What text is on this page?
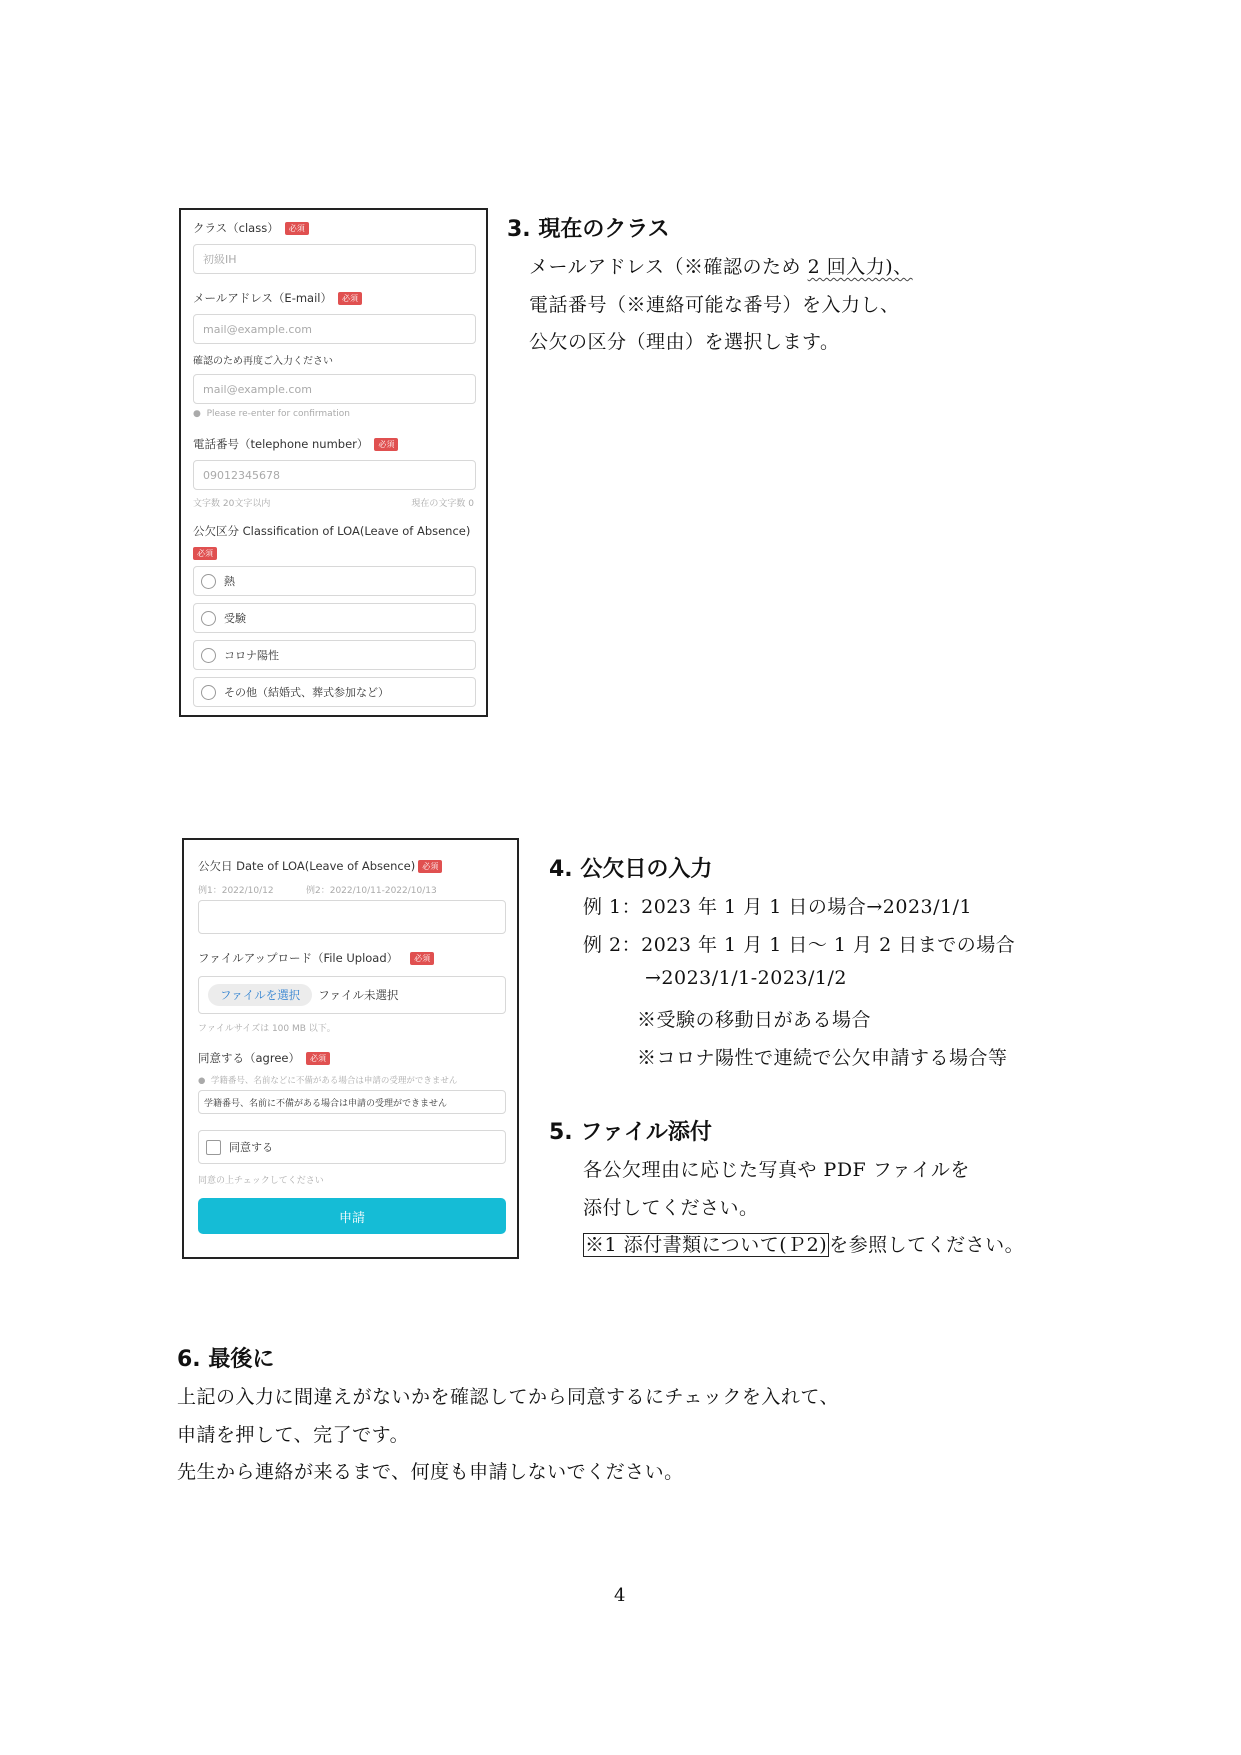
クラス（class） 必須
初級IH
メールアドレス（E-mail） 必須
mail@example.com
確認のため再度ご入力ください
mail@example.com
●  Please re-enter for confirmation
電話番号（telephone number） 必須
09012345678
文字数 20文字以内	現在の文字数 0
公欠区分 Classification of LOA(Leave of Absence)
必須
熱
受験
コロナ陽性
その他（結婚式、葬式参加など）
3. 現在のクラス
メールアドレス（※確認のため 2 回入力)、
電話番号（※連絡可能な番号）を入力し、
公欠の区分（理由）を選択します。
公欠日 Date of LOA(Leave of Absence) 必須
例1：2022/10/12	例2：2022/10/11-2022/10/13
ファイルアップロード（File Upload） 必須
ファイルを選択	ファイル未選択
ファイルサイズは 100 MB 以下。
同意する（agree） 必須
●  学籍番号、名前などに不備がある場合は申請の受理ができません
学籍番号、名前に不備がある場合は申請の受理ができません
同意する
同意の上チェックしてください
申請
4. 公欠日の入力
例 1：2023 年 1 月 1 日の場合→2023/1/1
例 2：2023 年 1 月 1 日～ 1 月 2 日までの場合
→2023/1/1-2023/1/2
※受験の移動日がある場合
※コロナ陽性で連続で公欠申請する場合等
5. ファイル添付
各公欠理由に応じた写真や PDF ファイルを
添付してください。
※1 添付書類について(Ｐ2) を参照してください。
6. 最後に
上記の入力に間違えがないかを確認してから同意するにチェックを入れて、
申請を押して、完了です。
先生から連絡が来るまで、何度も申請しないでください。
4
